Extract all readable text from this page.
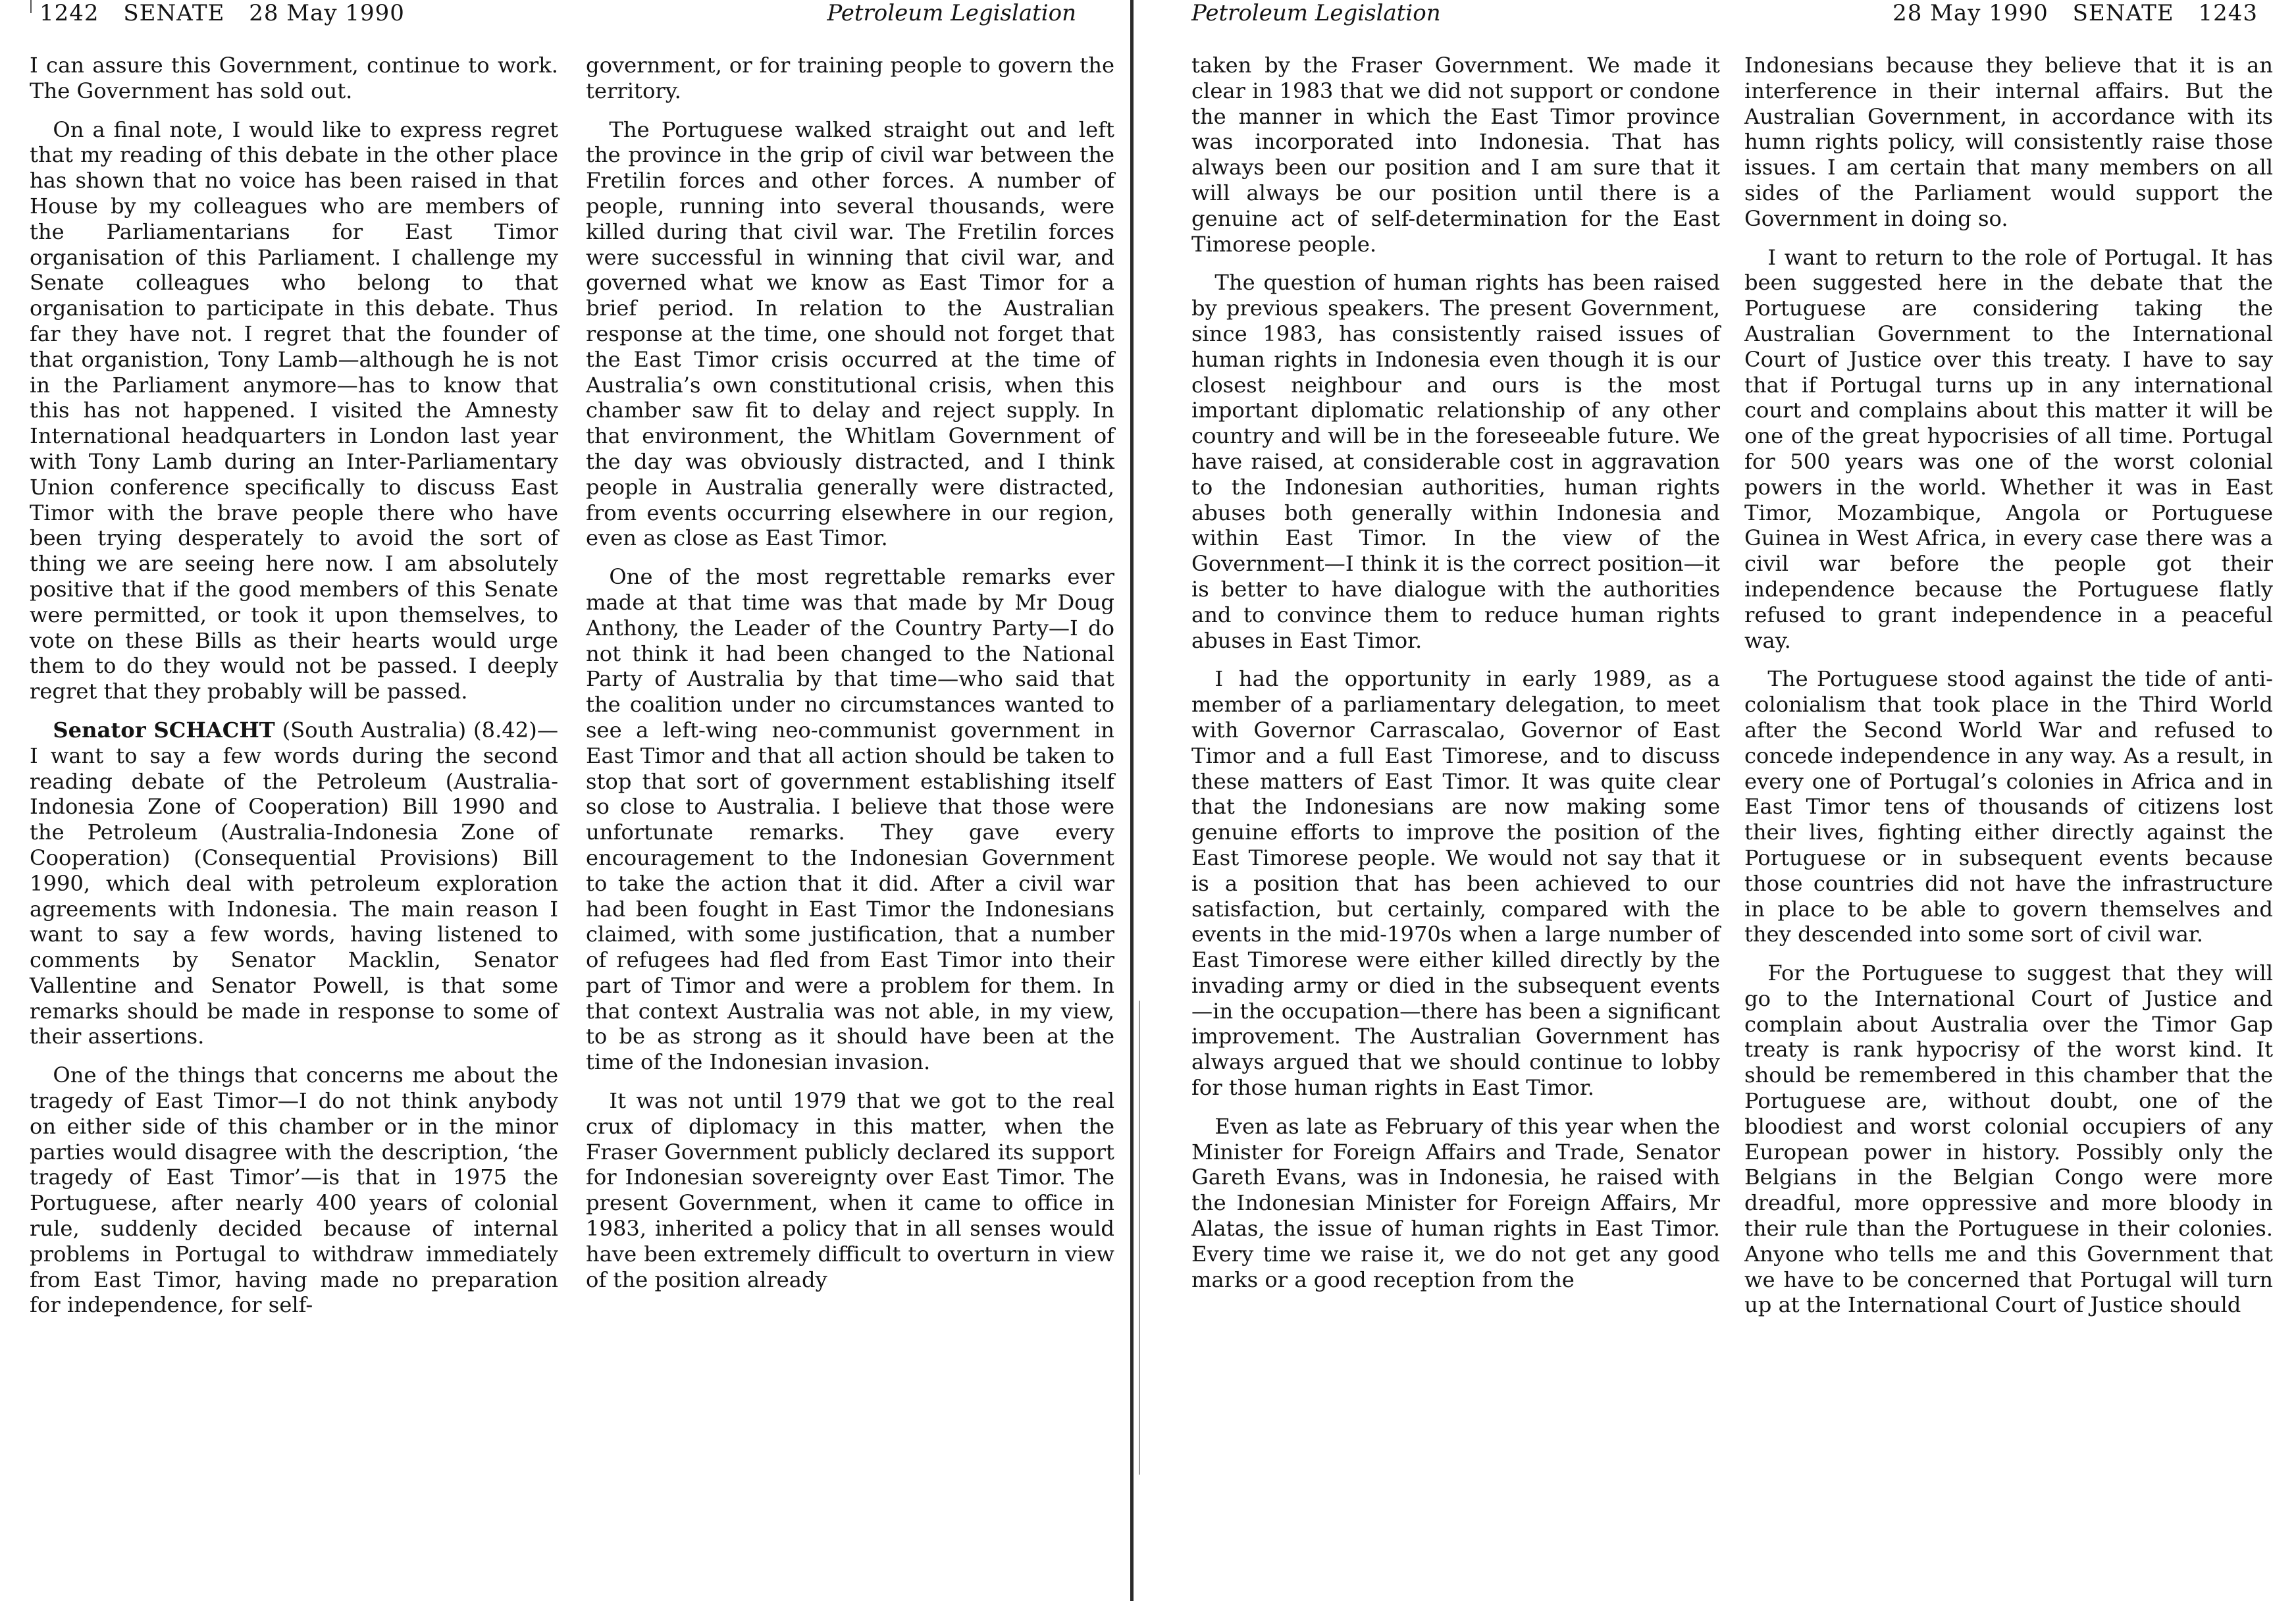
1242 SENATE 28 May 1990	Petroleum Legislation

I can assure this Government, continue to work. The Government has sold out.

On a final note, I would like to express regret that my reading of this debate in the other place has shown that no voice has been raised in that House by my colleagues who are members of the Parliamentarians for East Timor organisation of this Parliament. I challenge my Senate colleagues who belong to that organisation to participate in this debate. Thus far they have not. I regret that the founder of that organistion, Tony Lamb—although he is not in the Parliament anymore—has to know that this has not happened. I visited the Amnesty International headquarters in London last year with Tony Lamb during an Inter-Parliamentary Union conference specifically to discuss East Timor with the brave people there who have been trying desperately to avoid the sort of thing we are seeing here now. I am absolutely positive that if the good members of this Senate were permitted, or took it upon themselves, to vote on these Bills as their hearts would urge them to do they would not be passed. I deeply regret that they probably will be passed.

Senator SCHACHT (South Australia) (8.42)—I want to say a few words during the second reading debate of the Petroleum (Australia-Indonesia Zone of Cooperation) Bill 1990 and the Petroleum (Australia-Indonesia Zone of Cooperation) (Consequential Provisions) Bill 1990, which deal with petroleum exploration agreements with Indonesia. The main reason I want to say a few words, having listened to comments by Senator Macklin, Senator Vallentine and Senator Powell, is that some remarks should be made in response to some of their assertions.

One of the things that concerns me about the tragedy of East Timor—I do not think anybody on either side of this chamber or in the minor parties would disagree with the description, ‘the tragedy of East Timor’—is that in 1975 the Portuguese, after nearly 400 years of colonial rule, suddenly decided because of internal problems in Portugal to withdraw immediately from East Timor, having made no preparation for independence, for self-

government, or for training people to govern the territory.

The Portuguese walked straight out and left the province in the grip of civil war between the Fretilin forces and other forces. A number of people, running into several thousands, were killed during that civil war. The Fretilin forces were successful in winning that civil war, and governed what we know as East Timor for a brief period. In relation to the Australian response at the time, one should not forget that the East Timor crisis occurred at the time of Australia’s own constitutional crisis, when this chamber saw fit to delay and reject supply. In that environment, the Whitlam Government of the day was obviously distracted, and I think people in Australia generally were distracted, from events occurring elsewhere in our region, even as close as East Timor.

One of the most regrettable remarks ever made at that time was that made by Mr Doug Anthony, the Leader of the Country Party—I do not think it had been changed to the National Party of Australia by that time—who said that the coalition under no circumstances wanted to see a left-wing neo-communist government in East Timor and that all action should be taken to stop that sort of government establishing itself so close to Australia. I believe that those were unfortunate remarks. They gave every encouragement to the Indonesian Government to take the action that it did. After a civil war had been fought in East Timor the Indonesians claimed, with some justification, that a number of refugees had fled from East Timor into their part of Timor and were a problem for them. In that context Australia was not able, in my view, to be as strong as it should have been at the time of the Indonesian invasion.

It was not until 1979 that we got to the real crux of diplomacy in this matter, when the Fraser Government publicly declared its support for Indonesian sovereignty over East Timor. The present Government, when it came to office in 1983, inherited a policy that in all senses would have been extremely difficult to overturn in view of the position already

Petroleum Legislation	28 May 1990 SENATE 1243

taken by the Fraser Government. We made it clear in 1983 that we did not support or condone the manner in which the East Timor province was incorporated into Indonesia. That has always been our position and I am sure that it will always be our position until there is a genuine act of self-determination for the East Timorese people.

The question of human rights has been raised by previous speakers. The present Government, since 1983, has consistently raised issues of human rights in Indonesia even though it is our closest neighbour and ours is the most important diplomatic relationship of any other country and will be in the foreseeable future. We have raised, at considerable cost in aggravation to the Indonesian authorities, human rights abuses both generally within Indonesia and within East Timor. In the view of the Government—I think it is the correct position—it is better to have dialogue with the authorities and to convince them to reduce human rights abuses in East Timor.

I had the opportunity in early 1989, as a member of a parliamentary delegation, to meet with Governor Carrascalao, Governor of East Timor and a full East Timorese, and to discuss these matters of East Timor. It was quite clear that the Indonesians are now making some genuine efforts to improve the position of the East Timorese people. We would not say that it is a position that has been achieved to our satisfaction, but certainly, compared with the events in the mid-1970s when a large number of East Timorese were either killed directly by the invading army or died in the subsequent events—in the occupation—there has been a significant improvement. The Australian Government has always argued that we should continue to lobby for those human rights in East Timor.

Even as late as February of this year when the Minister for Foreign Affairs and Trade, Senator Gareth Evans, was in Indonesia, he raised with the Indonesian Minister for Foreign Affairs, Mr Alatas, the issue of human rights in East Timor. Every time we raise it, we do not get any good marks or a good reception from the

Indonesians because they believe that it is an interference in their internal affairs. But the Australian Government, in accordance with its humn rights policy, will consistently raise those issues. I am certain that many members on all sides of the Parliament would support the Government in doing so.

I want to return to the role of Portugal. It has been suggested here in the debate that the Portuguese are considering taking the Australian Government to the International Court of Justice over this treaty. I have to say that if Portugal turns up in any international court and complains about this matter it will be one of the great hypocrisies of all time. Portugal for 500 years was one of the worst colonial powers in the world. Whether it was in East Timor, Mozambique, Angola or Portuguese Guinea in West Africa, in every case there was a civil war before the people got their independence because the Portuguese flatly refused to grant independence in a peaceful way.

The Portuguese stood against the tide of anti-colonialism that took place in the Third World after the Second World War and refused to concede independence in any way. As a result, in every one of Portugal’s colonies in Africa and in East Timor tens of thousands of citizens lost their lives, fighting either directly against the Portuguese or in subsequent events because those countries did not have the infrastructure in place to be able to govern themselves and they descended into some sort of civil war.

For the Portuguese to suggest that they will go to the International Court of Justice and complain about Australia over the Timor Gap treaty is rank hypocrisy of the worst kind. It should be remembered in this chamber that the Portuguese are, without doubt, one of the bloodiest and worst colonial occupiers of any European power in history. Possibly only the Belgians in the Belgian Congo were more dreadful, more oppressive and more bloody in their rule than the Portuguese in their colonies. Anyone who tells me and this Government that we have to be concerned that Portugal will turn up at the International Court of Justice should
